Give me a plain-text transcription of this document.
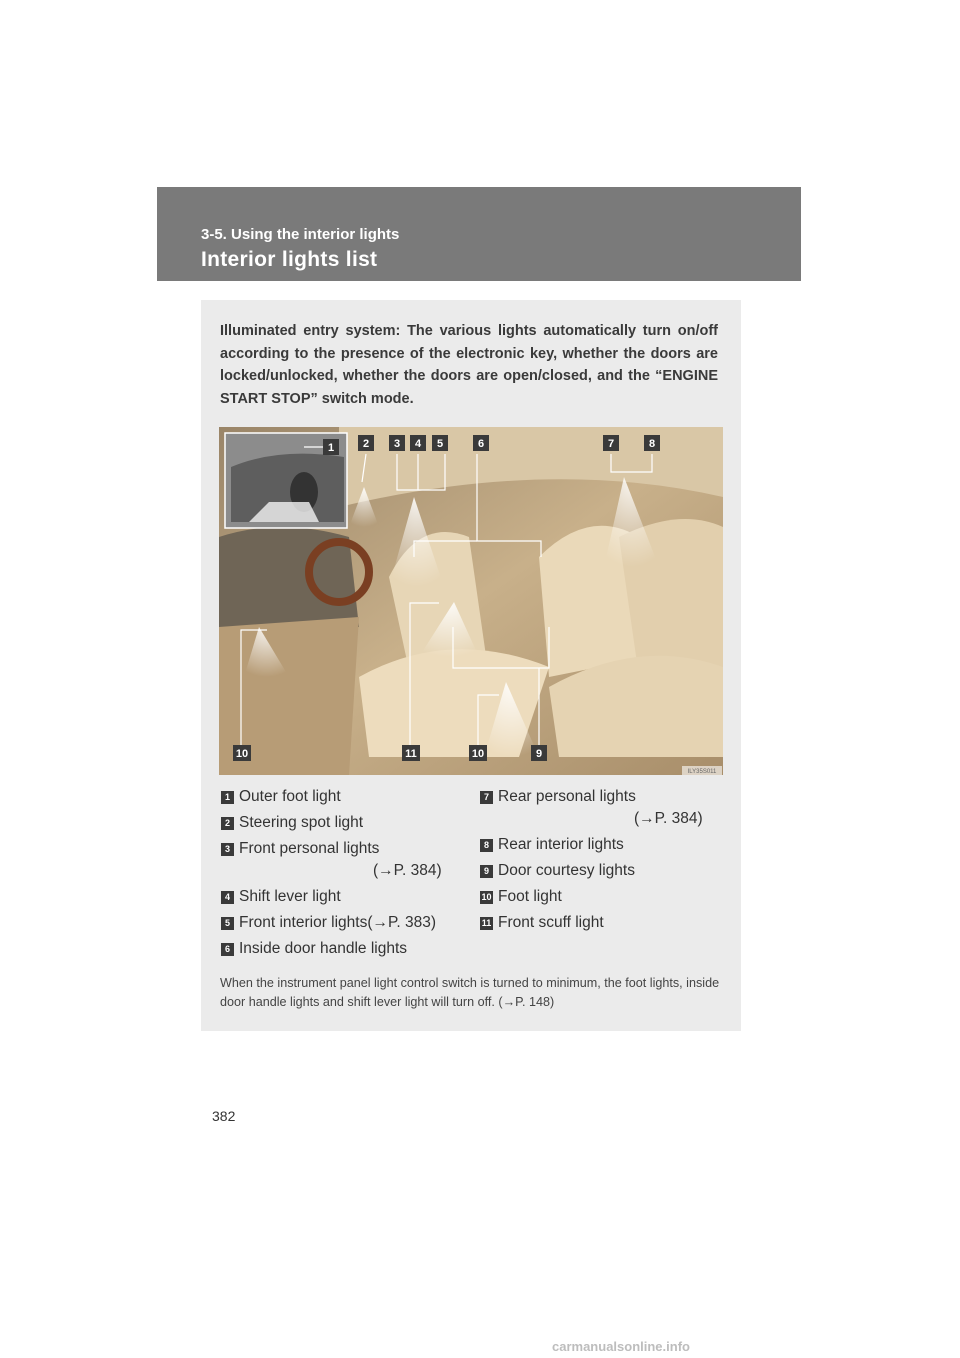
3-5. Using the interior lights
Interior lights list
Illuminated entry system: The various lights automatically turn on/off according to the presence of the electronic key, whether the doors are locked/unlocked, whether the doors are open/closed, and the “ENGINE START STOP” switch mode.
1	2 3 4 5	6	7	8
10	11	10	9
ILY35S011
1 Outer foot light
2 Steering spot light
3 Front personal lights
(→P. 384)
4 Shift lever light
5 Front interior lights(→P. 383)
6 Inside door handle lights
7 Rear personal lights
(→P. 384)
8 Rear interior lights
9 Door courtesy lights
10 Foot light
11 Front scuff light
When the instrument panel light control switch is turned to minimum, the foot lights, inside door handle lights and shift lever light will turn off. (→P. 148)
382
carmanualsonline.info
